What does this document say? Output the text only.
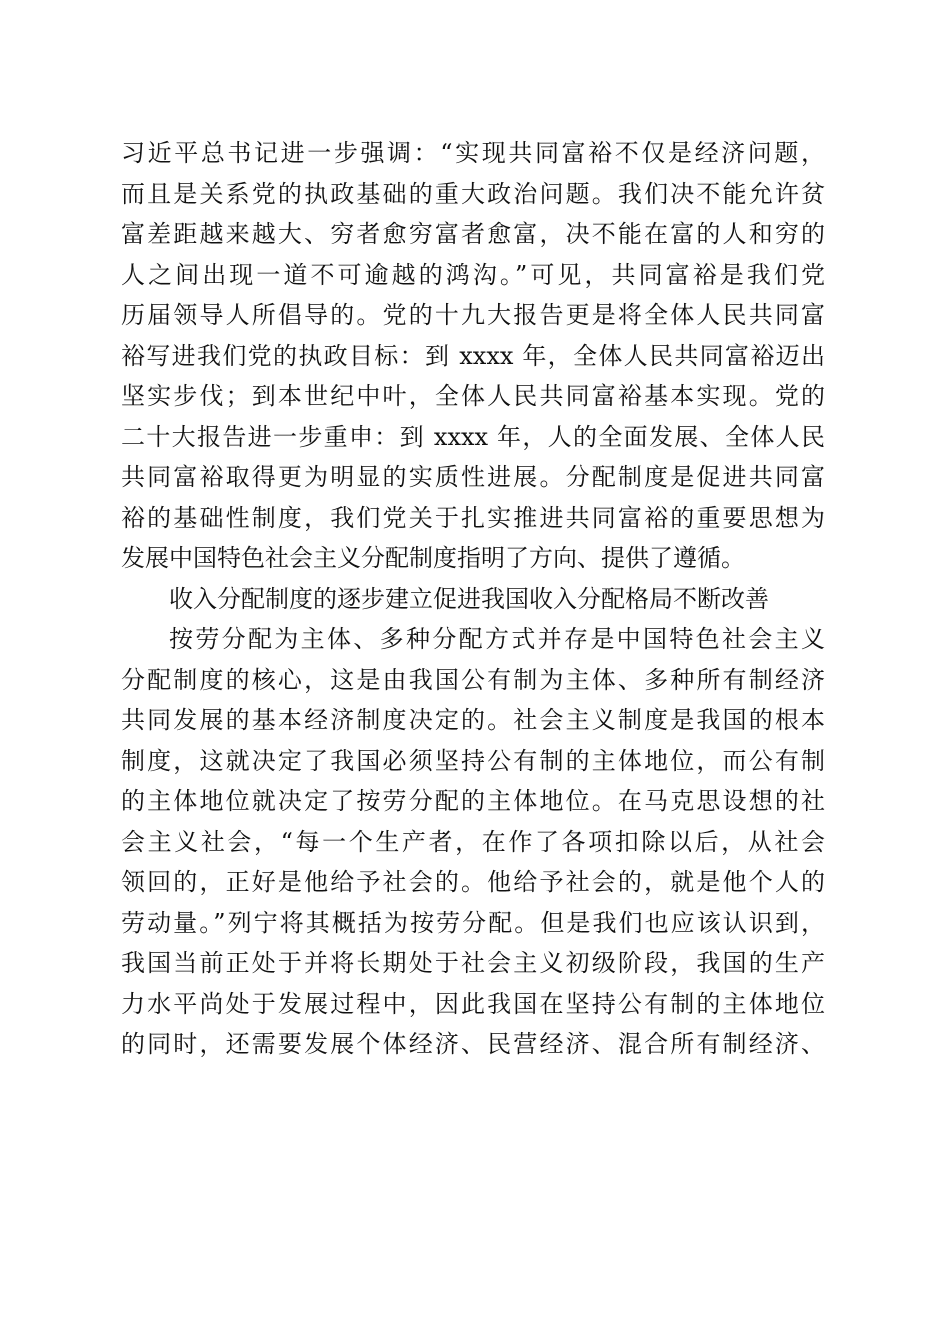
习近平总书记进一步强调：“实现共同富裕不仅是经济问题，
而且是关系党的执政基础的重大政治问题。我们决不能允许贫
富差距越来越大、穷者愈穷富者愈富，决不能在富的人和穷的
人之间出现一道不可逾越的鸿沟。”可见，共同富裕是我们党
历届领导人所倡导的。党的十九大报告更是将全体人民共同富
裕写进我们党的执政目标：到 xxxx 年，全体人民共同富裕迈出
坚实步伐；到本世纪中叶，全体人民共同富裕基本实现。党的
二十大报告进一步重申：到 xxxx 年，人的全面发展、全体人民
共同富裕取得更为明显的实质性进展。分配制度是促进共同富
裕的基础性制度，我们党关于扎实推进共同富裕的重要思想为
发展中国特色社会主义分配制度指明了方向、提供了遵循。
收入分配制度的逐步建立促进我国收入分配格局不断改善
按劳分配为主体、多种分配方式并存是中国特色社会主义
分配制度的核心，这是由我国公有制为主体、多种所有制经济
共同发展的基本经济制度决定的。社会主义制度是我国的根本
制度，这就决定了我国必须坚持公有制的主体地位，而公有制
的主体地位就决定了按劳分配的主体地位。在马克思设想的社
会主义社会，“每一个生产者，在作了各项扣除以后，从社会
领回的，正好是他给予社会的。他给予社会的，就是他个人的
劳动量。”列宁将其概括为按劳分配。但是我们也应该认识到，
我国当前正处于并将长期处于社会主义初级阶段，我国的生产
力水平尚处于发展过程中，因此我国在坚持公有制的主体地位
的同时，还需要发展个体经济、民营经济、混合所有制经济、
